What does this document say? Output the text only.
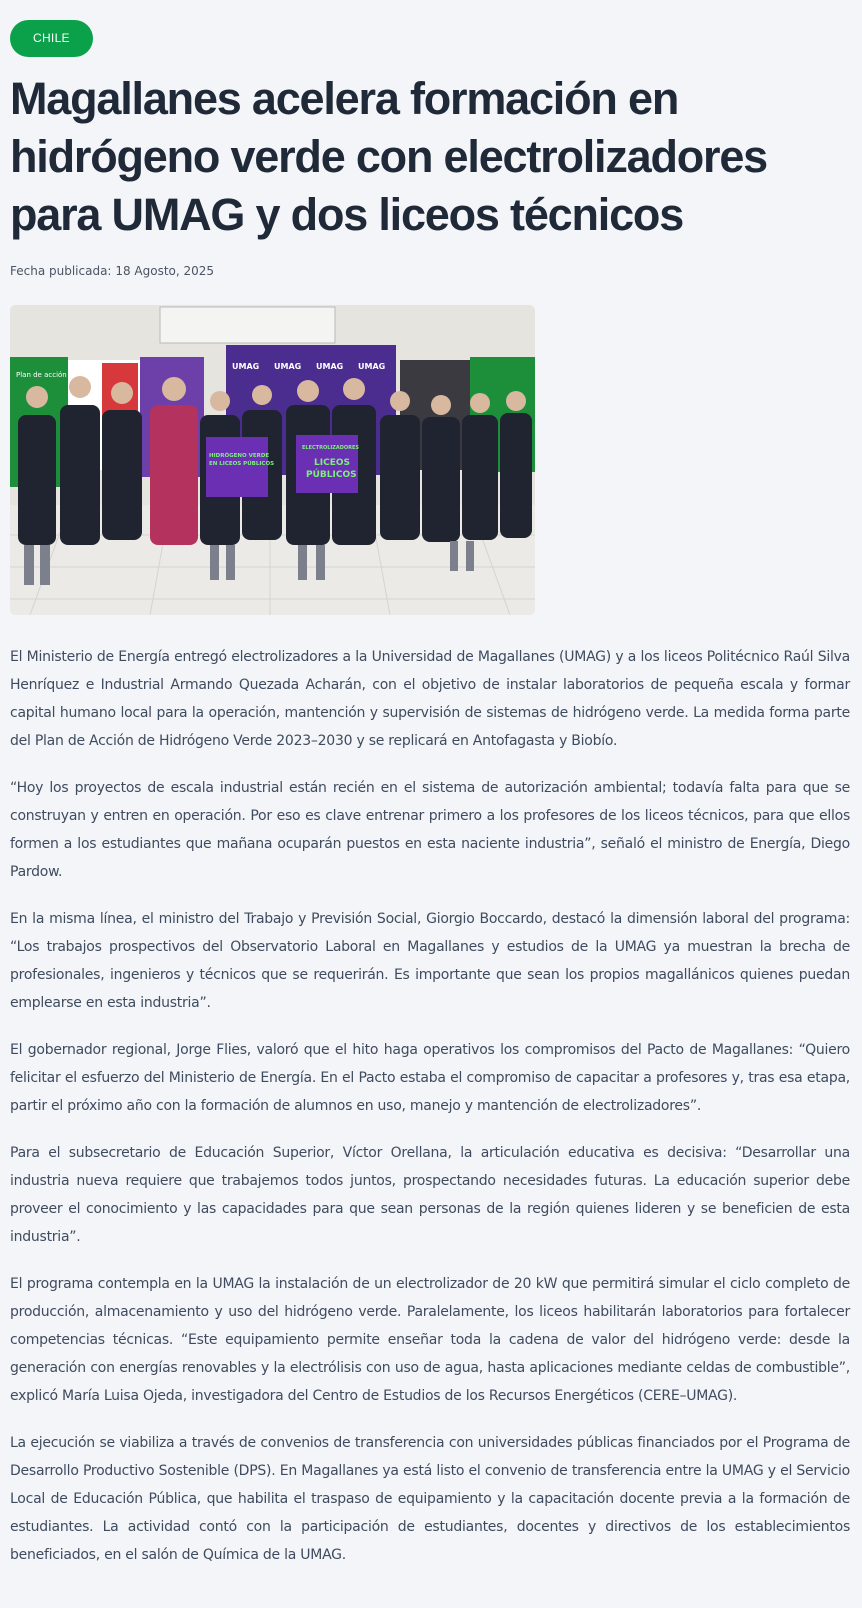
CHILE
Magallanes acelera formación en hidrógeno verde con electrolizadores para UMAG y dos liceos técnicos
Fecha publicada: 18 Agosto, 2025
Plan de acción
UMAG UMAG UMAG UMAG
HIDRÓGENO VERDE
EN LICEOS PÚBLICOS
ELECTROLIZADORES
LICEOS
PÚBLICOS

El Ministerio de Energía entregó electrolizadores a la Universidad de Magallanes (UMAG) y a los liceos Politécnico Raúl Silva Henríquez e Industrial Armando Quezada Acharán, con el objetivo de instalar laboratorios de pequeña escala y formar capital humano local para la operación, mantención y supervisión de sistemas de hidrógeno verde. La medida forma parte del Plan de Acción de Hidrógeno Verde 2023–2030 y se replicará en Antofagasta y Biobío.

“Hoy los proyectos de escala industrial están recién en el sistema de autorización ambiental; todavía falta para que se construyan y entren en operación. Por eso es clave entrenar primero a los profesores de los liceos técnicos, para que ellos formen a los estudiantes que mañana ocuparán puestos en esta naciente industria”, señaló el ministro de Energía, Diego Pardow.

En la misma línea, el ministro del Trabajo y Previsión Social, Giorgio Boccardo, destacó la dimensión laboral del programa: “Los trabajos prospectivos del Observatorio Laboral en Magallanes y estudios de la UMAG ya muestran la brecha de profesionales, ingenieros y técnicos que se requerirán. Es importante que sean los propios magallánicos quienes puedan emplearse en esta industria”.

El gobernador regional, Jorge Flies, valoró que el hito haga operativos los compromisos del Pacto de Magallanes: “Quiero felicitar el esfuerzo del Ministerio de Energía. En el Pacto estaba el compromiso de capacitar a profesores y, tras esa etapa, partir el próximo año con la formación de alumnos en uso, manejo y mantención de electrolizadores”.

Para el subsecretario de Educación Superior, Víctor Orellana, la articulación educativa es decisiva: “Desarrollar una industria nueva requiere que trabajemos todos juntos, prospectando necesidades futuras. La educación superior debe proveer el conocimiento y las capacidades para que sean personas de la región quienes lideren y se beneficien de esta industria”.

El programa contempla en la UMAG la instalación de un electrolizador de 20 kW que permitirá simular el ciclo completo de producción, almacenamiento y uso del hidrógeno verde. Paralelamente, los liceos habilitarán laboratorios para fortalecer competencias técnicas. “Este equipamiento permite enseñar toda la cadena de valor del hidrógeno verde: desde la generación con energías renovables y la electrólisis con uso de agua, hasta aplicaciones mediante celdas de combustible”, explicó María Luisa Ojeda, investigadora del Centro de Estudios de los Recursos Energéticos (CERE–UMAG).

La ejecución se viabiliza a través de convenios de transferencia con universidades públicas financiados por el Programa de Desarrollo Productivo Sostenible (DPS). En Magallanes ya está listo el convenio de transferencia entre la UMAG y el Servicio Local de Educación Pública, que habilita el traspaso de equipamiento y la capacitación docente previa a la formación de estudiantes. La actividad contó con la participación de estudiantes, docentes y directivos de los establecimientos beneficiados, en el salón de Química de la UMAG.
